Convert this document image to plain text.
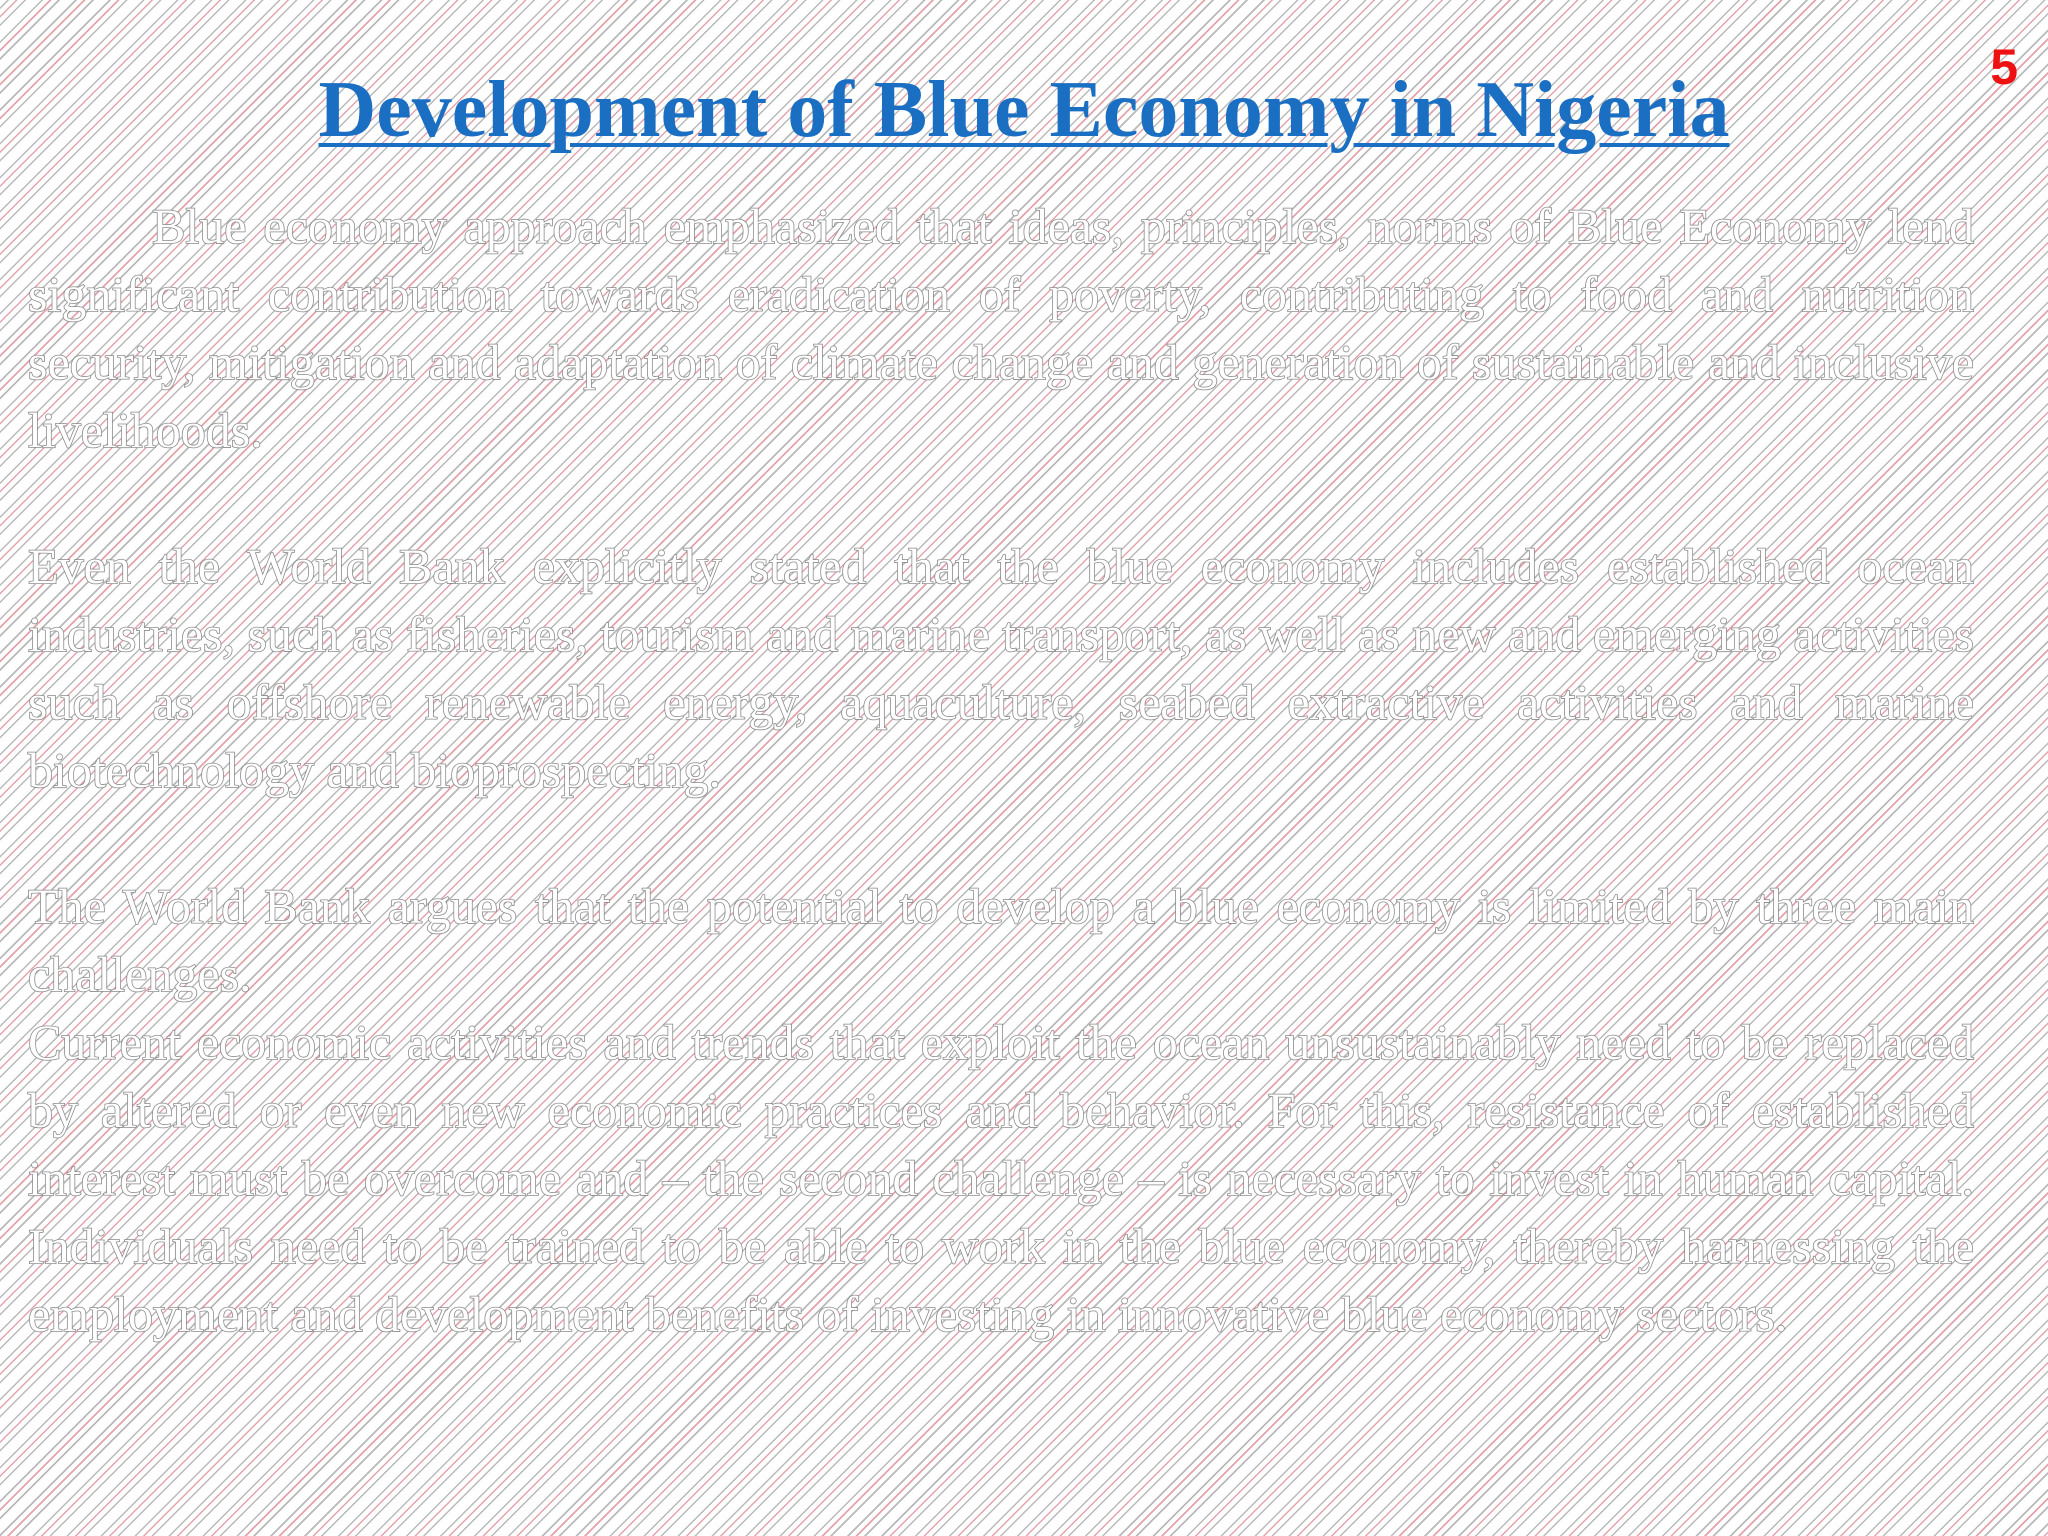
5
Development of Blue Economy in Nigeria

Blue economy approach emphasized that ideas, principles, norms of Blue Economy lend significant contribution towards eradication of poverty, contributing to food and nutrition security, mitigation and adaptation of climate change and generation of sustainable and inclusive livelihoods.

Even the World Bank explicitly stated that the blue economy includes established ocean industries, such as fisheries, tourism and marine transport, as well as new and emerging activities such as offshore renewable energy, aquaculture, seabed extractive activities and marine biotechnology and bioprospecting.

The World Bank argues that the potential to develop a blue economy is limited by three main challenges.

Current economic activities and trends that exploit the ocean unsustainably need to be replaced by altered or even new economic practices and behavior. For this, resistance of established interest must be overcome and – the second challenge – is necessary to invest in human capital. Individuals need to be trained to be able to work in the blue economy, thereby harnessing the employment and development benefits of investing in innovative blue economy sectors.
